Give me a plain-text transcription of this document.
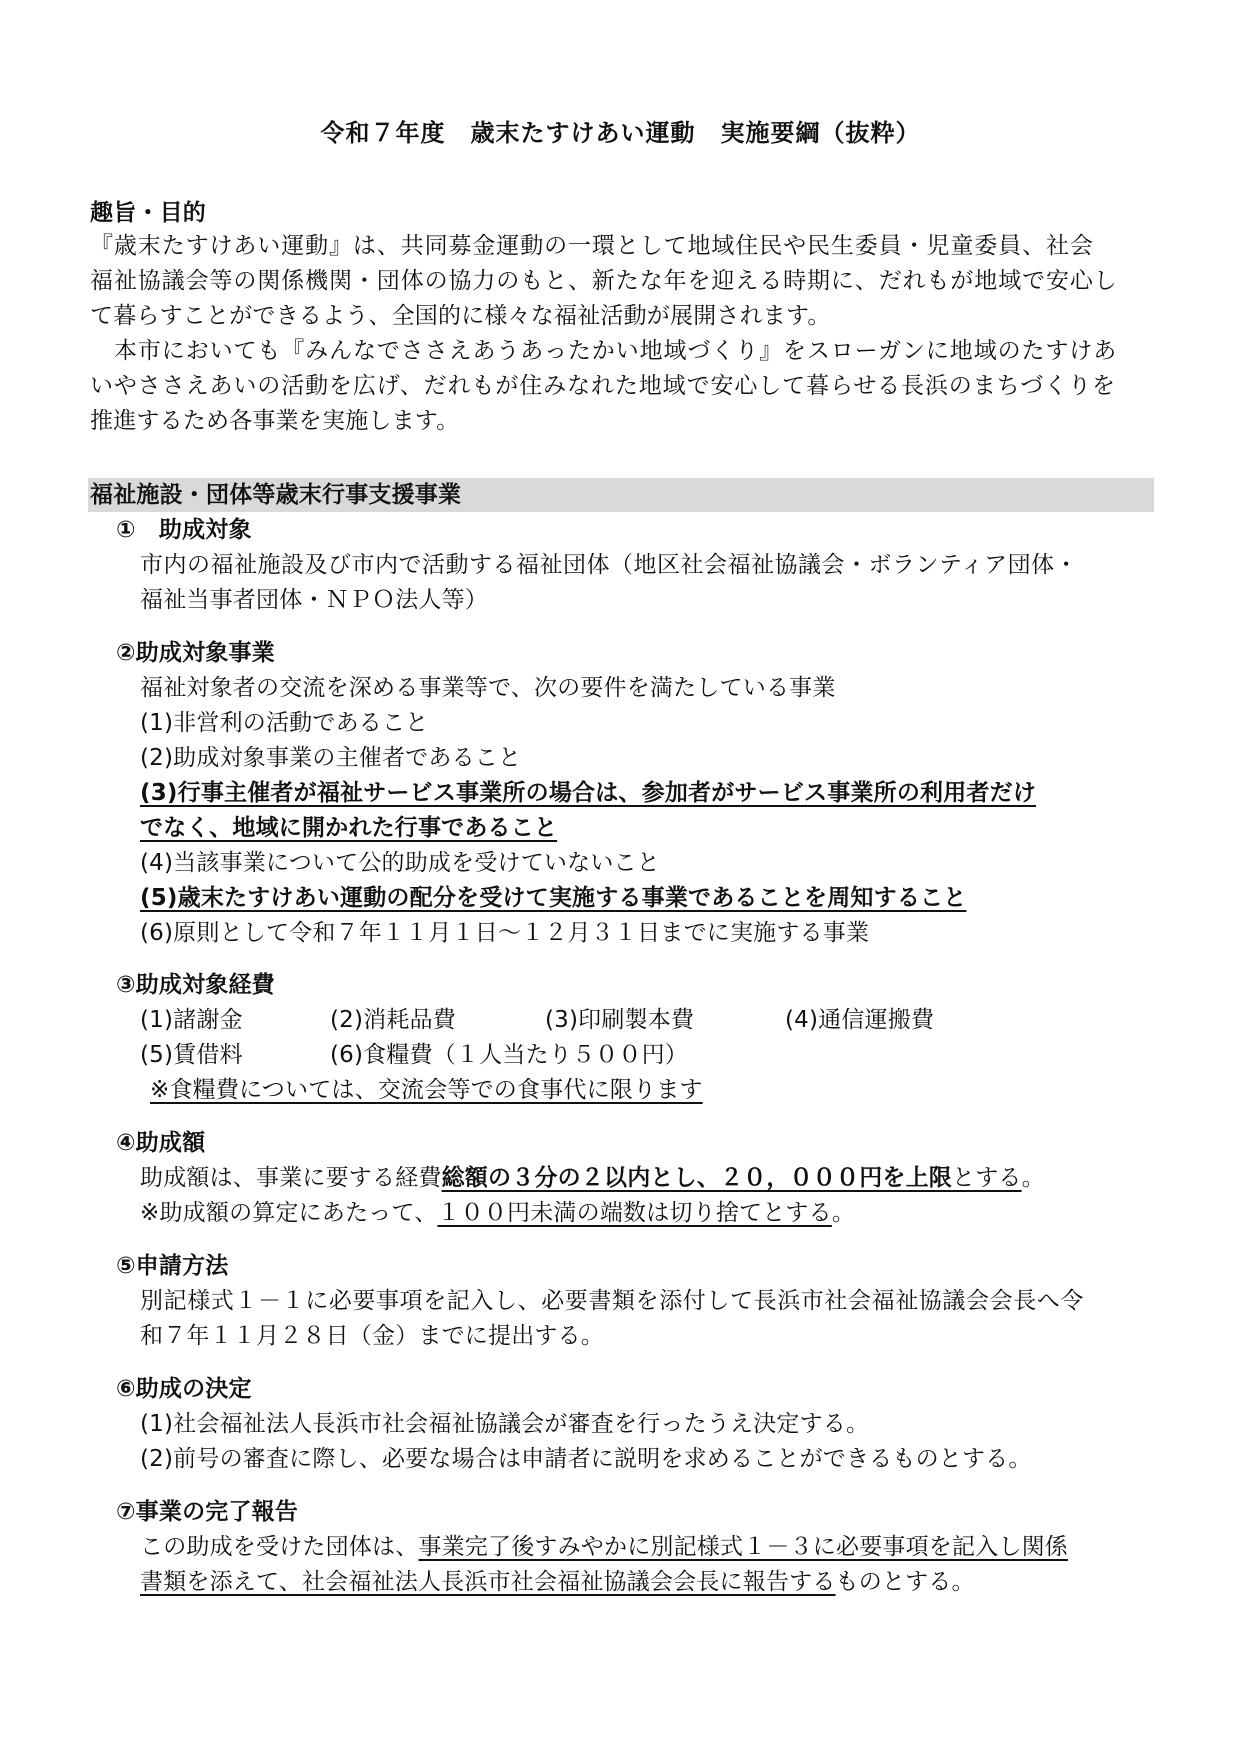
令和７年度　歳末たすけあい運動　実施要綱（抜粋）
趣旨・目的
『歳末たすけあい運動』は、共同募金運動の一環として地域住民や民生委員・児童委員、社会
福祉協議会等の関係機関・団体の協力のもと、新たな年を迎える時期に、だれもが地域で安心し
て暮らすことができるよう、全国的に様々な福祉活動が展開されます。
本市においても『みんなでささえあうあったかい地域づくり』をスローガンに地域のたすけあ
いやささえあいの活動を広げ、だれもが住みなれた地域で安心して暮らせる長浜のまちづくりを
推進するため各事業を実施します。
福祉施設・団体等歳末行事支援事業
①　助成対象
市内の福祉施設及び市内で活動する福祉団体（地区社会福祉協議会・ボランティア団体・
福祉当事者団体・ＮＰＯ法人等）
②助成対象事業
福祉対象者の交流を深める事業等で、次の要件を満たしている事業
(1)非営利の活動であること
(2)助成対象事業の主催者であること
(3)行事主催者が福祉サービス事業所の場合は、参加者がサービス事業所の利用者だけ
でなく、地域に開かれた行事であること
(4)当該事業について公的助成を受けていないこと
(5)歳末たすけあい運動の配分を受けて実施する事業であることを周知すること
(6)原則として令和７年１１月１日～１２月３１日までに実施する事業
③助成対象経費
(1)諸謝金	(2)消耗品費	(3)印刷製本費	(4)通信運搬費
(5)賃借料	(6)食糧費（１人当たり５００円）
※食糧費については、交流会等での食事代に限ります
④助成額
助成額は、事業に要する経費総額の３分の２以内とし、２０，０００円を上限とする。
※助成額の算定にあたって、１００円未満の端数は切り捨てとする。
⑤申請方法
別記様式１－１に必要事項を記入し、必要書類を添付して長浜市社会福祉協議会会長へ令
和７年１１月２８日（金）までに提出する。
⑥助成の決定
(1)社会福祉法人長浜市社会福祉協議会が審査を行ったうえ決定する。
(2)前号の審査に際し、必要な場合は申請者に説明を求めることができるものとする。
⑦事業の完了報告
この助成を受けた団体は、事業完了後すみやかに別記様式１－３に必要事項を記入し関係
書類を添えて、社会福祉法人長浜市社会福祉協議会会長に報告するものとする。
